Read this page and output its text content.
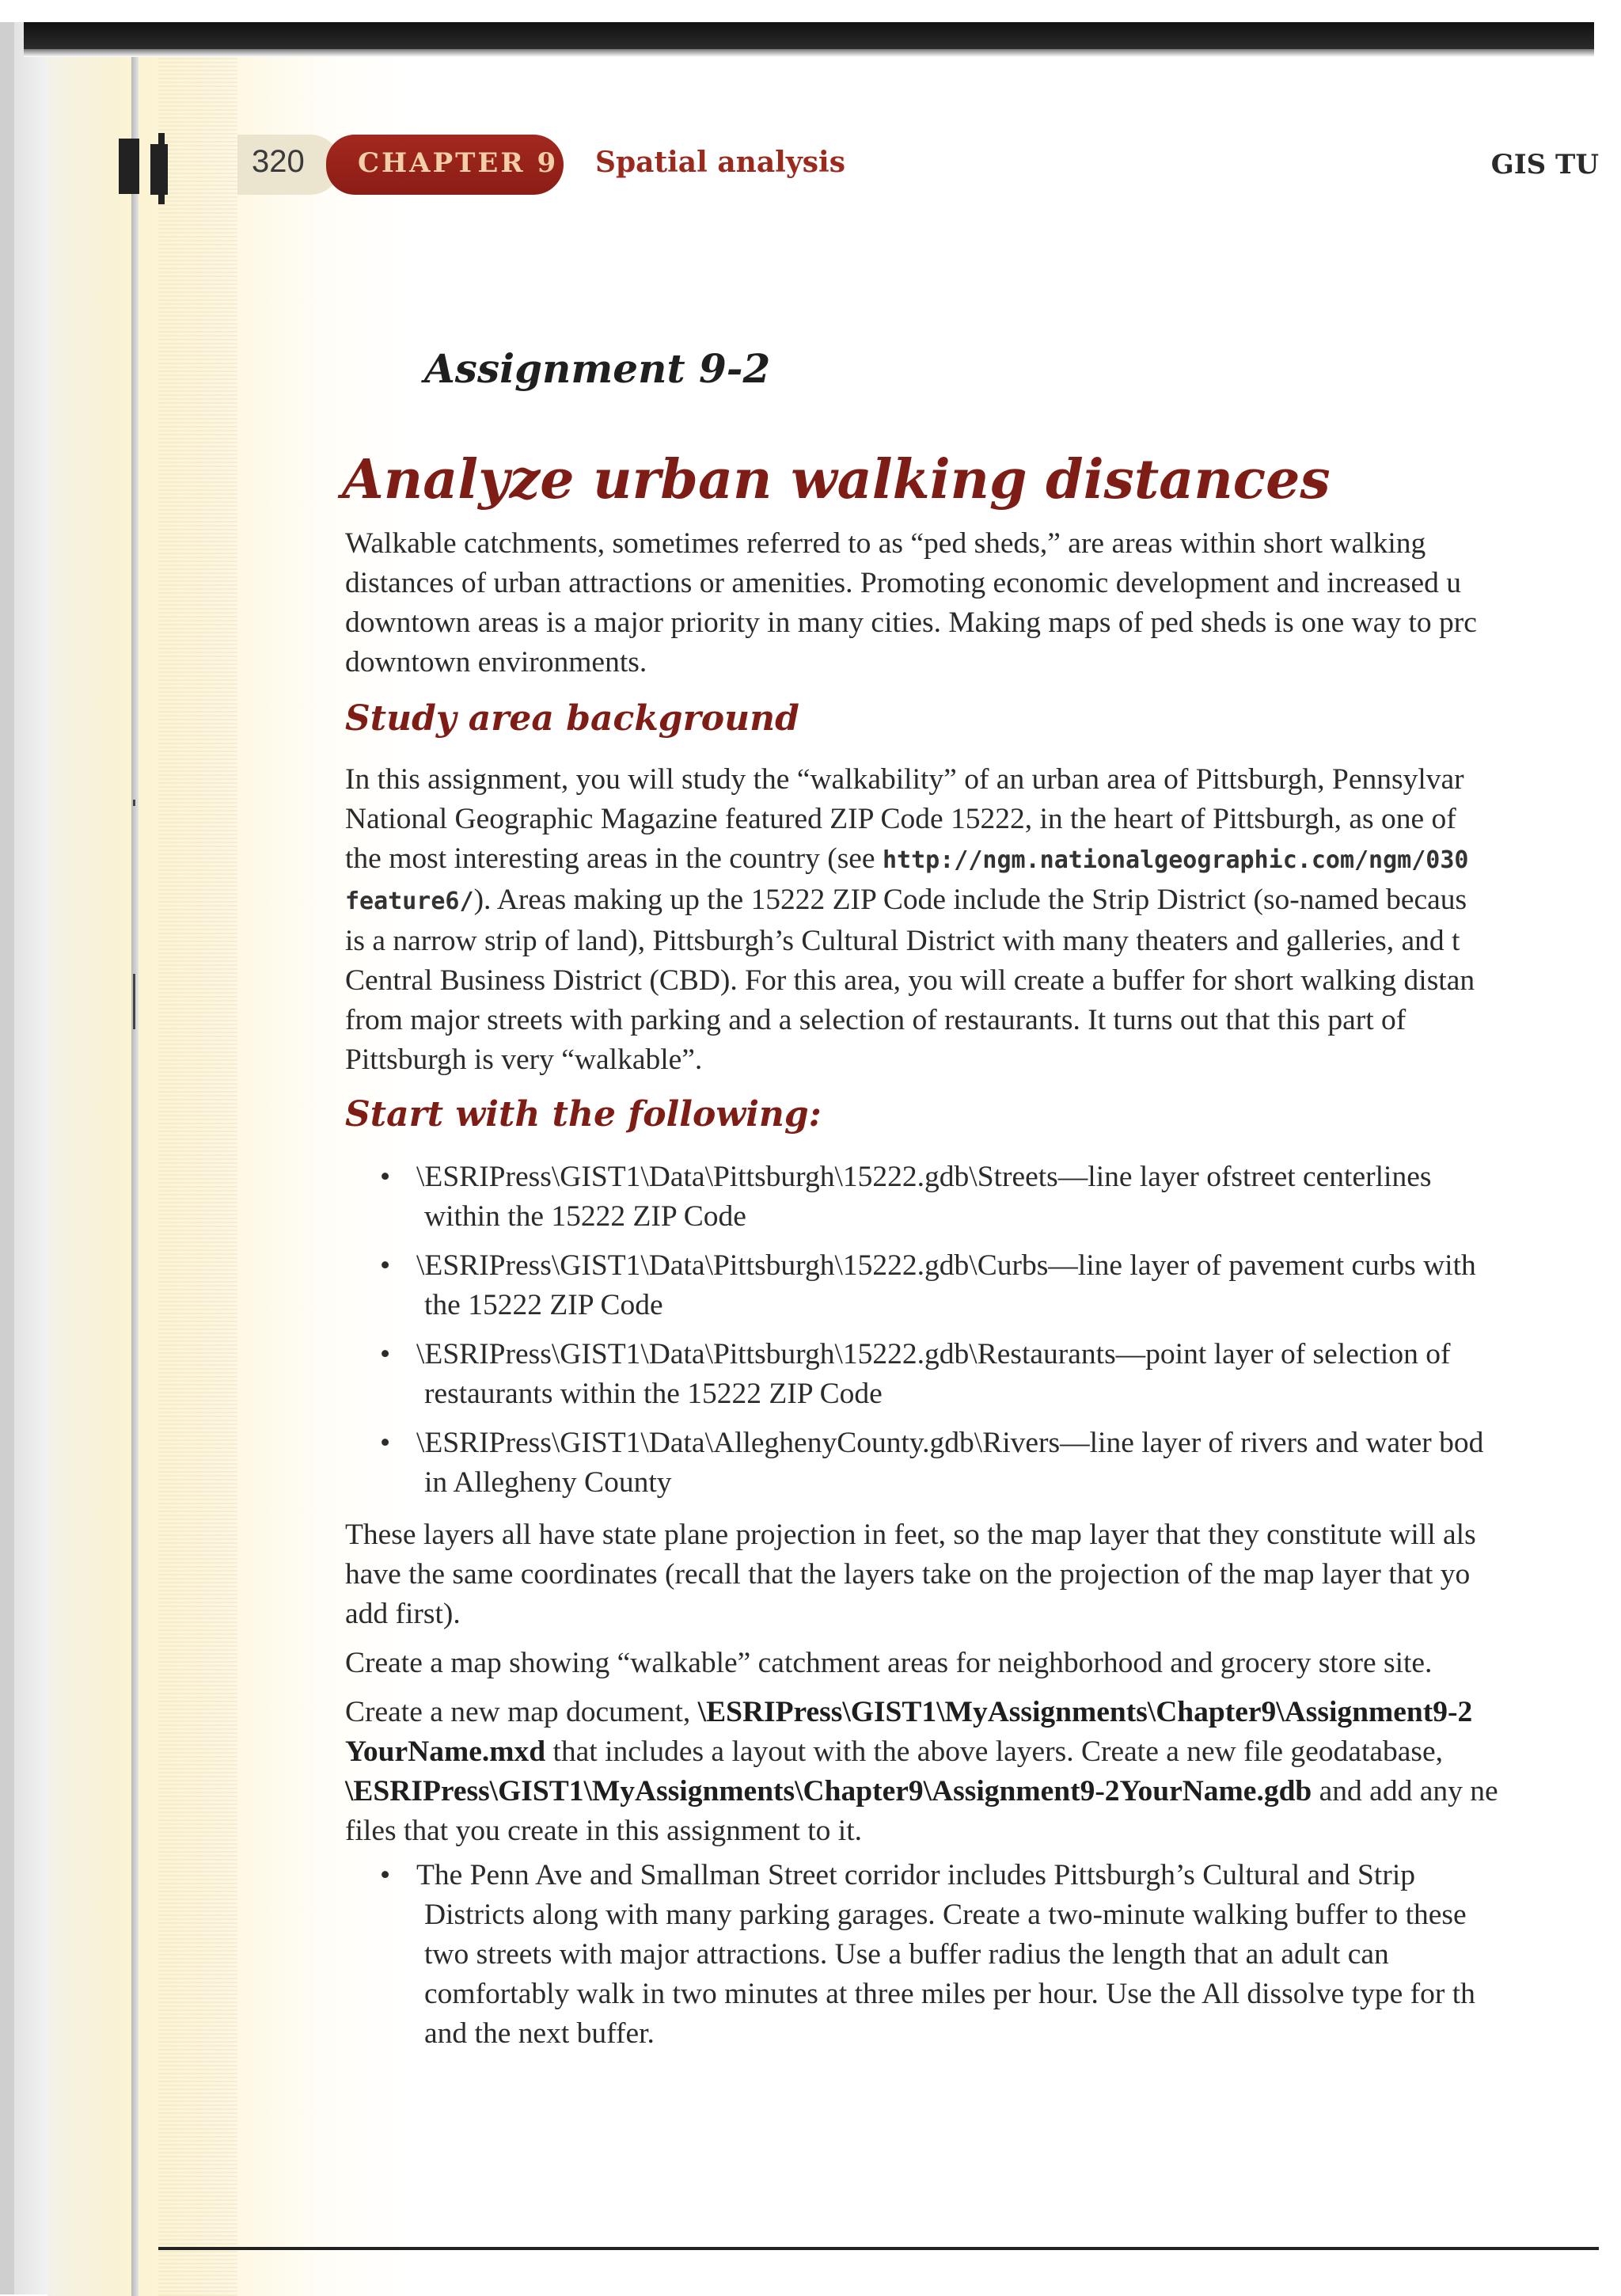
320 CHAPTER 9 Spatial analysis	GIS TU
Assignment 9-2
Analyze urban walking distances
Walkable catchments, sometimes referred to as “ped sheds,” are areas within short walking
distances of urban attractions or amenities. Promoting economic development and increased u
downtown areas is a major priority in many cities. Making maps of ped sheds is one way to prc
downtown environments.
Study area background
In this assignment, you will study the “walkability” of an urban area of Pittsburgh, Pennsylvar
National Geographic Magazine featured ZIP Code 15222, in the heart of Pittsburgh, as one of
the most interesting areas in the country (see http://ngm.nationalgeographic.com/ngm/030
feature6/). Areas making up the 15222 ZIP Code include the Strip District (so-named becaus
is a narrow strip of land), Pittsburgh’s Cultural District with many theaters and galleries, and t
Central Business District (CBD). For this area, you will create a buffer for short walking distan
from major streets with parking and a selection of restaurants. It turns out that this part of
Pittsburgh is very “walkable”.
Start with the following:
• \ESRIPress\GIST1\Data\Pittsburgh\15222.gdb\Streets—line layer ofstreet centerlines
within the 15222 ZIP Code
• \ESRIPress\GIST1\Data\Pittsburgh\15222.gdb\Curbs—line layer of pavement curbs with
the 15222 ZIP Code
• \ESRIPress\GIST1\Data\Pittsburgh\15222.gdb\Restaurants—point layer of selection of
restaurants within the 15222 ZIP Code
• \ESRIPress\GIST1\Data\AlleghenyCounty.gdb\Rivers—line layer of rivers and water bod
in Allegheny County
These layers all have state plane projection in feet, so the map layer that they constitute will als
have the same coordinates (recall that the layers take on the projection of the map layer that yo
add first).
Create a map showing “walkable” catchment areas for neighborhood and grocery store site.
Create a new map document, \ESRIPress\GIST1\MyAssignments\Chapter9\Assignment9-2
YourName.mxd that includes a layout with the above layers. Create a new file geodatabase,
\ESRIPress\GIST1\MyAssignments\Chapter9\Assignment9-2YourName.gdb and add any ne
files that you create in this assignment to it.
• The Penn Ave and Smallman Street corridor includes Pittsburgh’s Cultural and Strip
Districts along with many parking garages. Create a two-minute walking buffer to these
two streets with major attractions. Use a buffer radius the length that an adult can
comfortably walk in two minutes at three miles per hour. Use the All dissolve type for th
and the next buffer.
